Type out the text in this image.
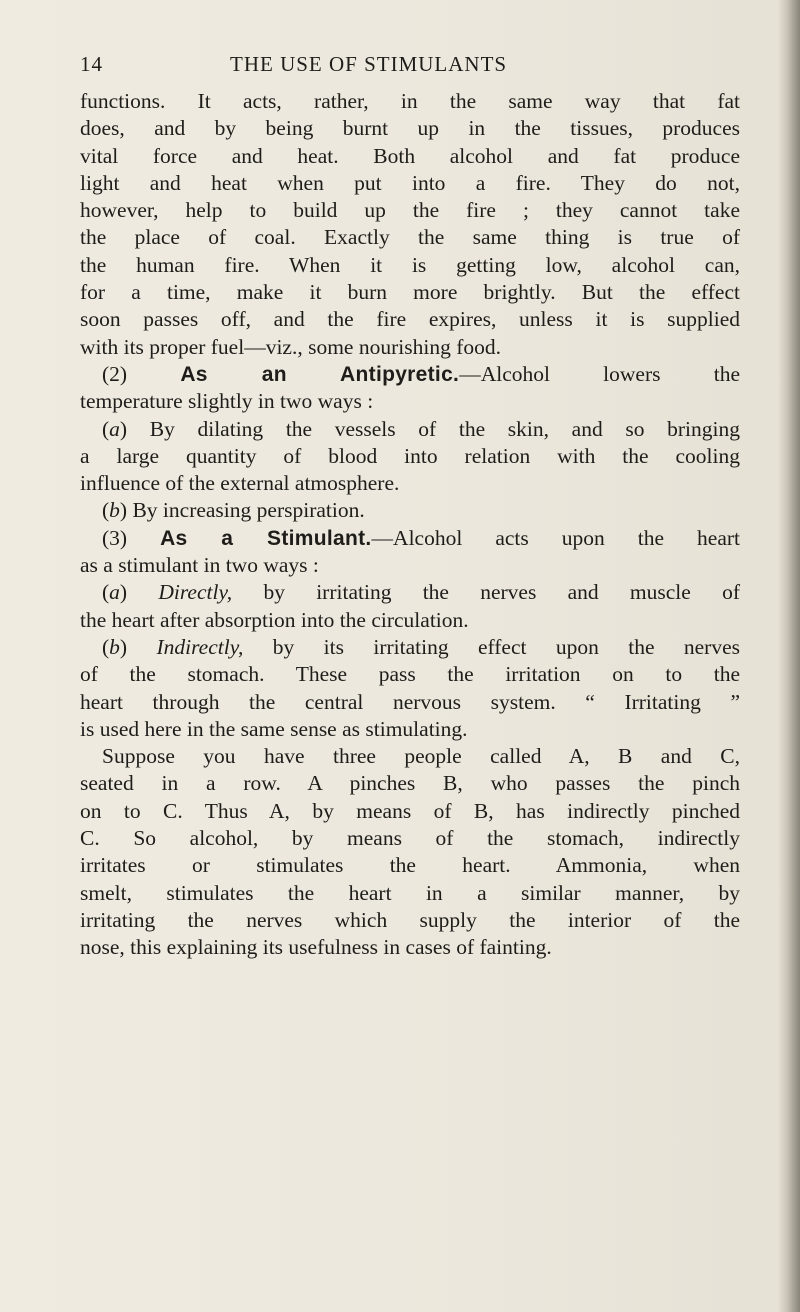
14	THE USE OF STIMULANTS
functions. It acts, rather, in the same way that fat
does, and by being burnt up in the tissues, produces
vital force and heat. Both alcohol and fat produce
light and heat when put into a fire. They do not,
however, help to build up the fire ; they cannot take
the place of coal. Exactly the same thing is true of
the human fire. When it is getting low, alcohol can,
for a time, make it burn more brightly. But the effect
soon passes off, and the fire expires, unless it is supplied
with its proper fuel—viz., some nourishing food.
(2) As an Antipyretic.—Alcohol lowers the
temperature slightly in two ways :
(a) By dilating the vessels of the skin, and so bringing
a large quantity of blood into relation with the cooling
influence of the external atmosphere.
(b) By increasing perspiration.
(3) As a Stimulant.—Alcohol acts upon the heart
as a stimulant in two ways :
(a) Directly, by irritating the nerves and muscle of
the heart after absorption into the circulation.
(b) Indirectly, by its irritating effect upon the nerves
of the stomach. These pass the irritation on to the
heart through the central nervous system. “ Irritating ”
is used here in the same sense as stimulating.
Suppose you have three people called A, B and C,
seated in a row. A pinches B, who passes the pinch
on to C. Thus A, by means of B, has indirectly pinched
C. So alcohol, by means of the stomach, indirectly
irritates or stimulates the heart. Ammonia, when
smelt, stimulates the heart in a similar manner, by
irritating the nerves which supply the interior of the
nose, this explaining its usefulness in cases of fainting.
